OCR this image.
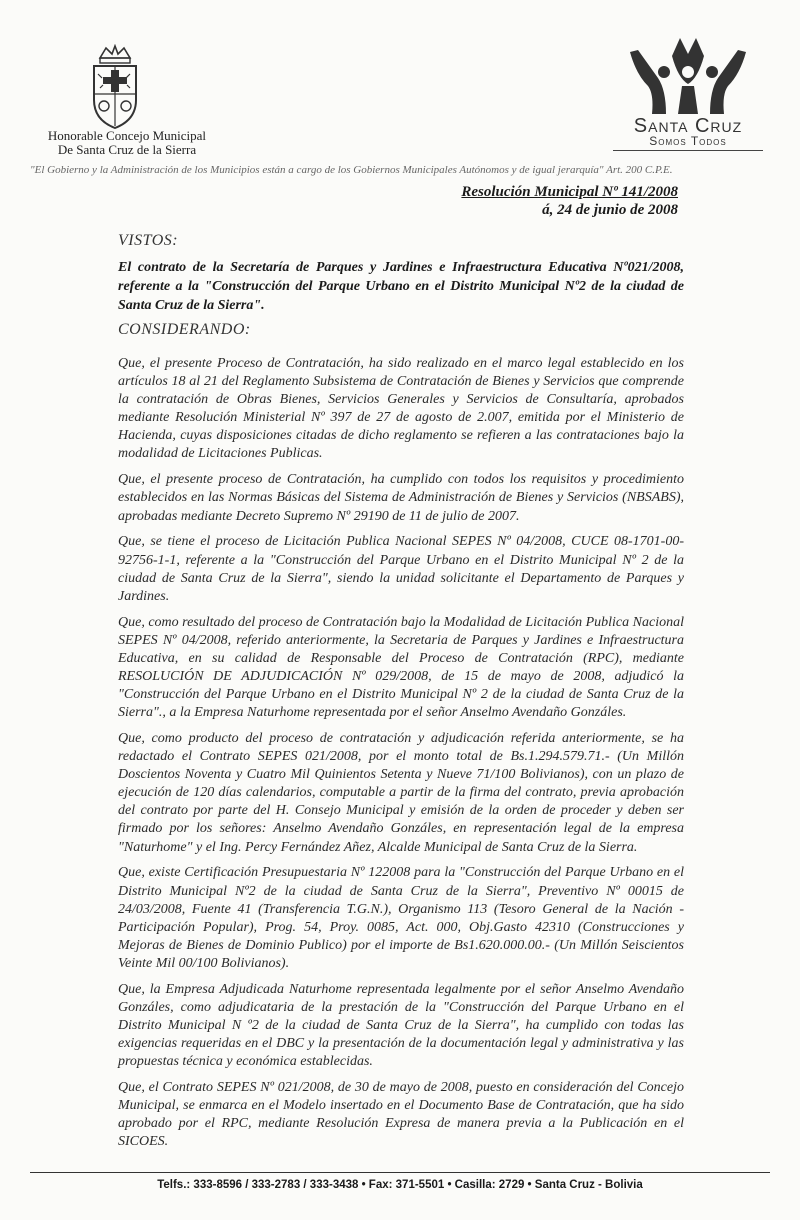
Honorable Concejo Municipal
De Santa Cruz de la Sierra
Santa Cruz
Somos Todos
"El Gobierno y la Administración de los Municipios están a cargo de los Gobiernos Municipales Autónomos y de igual jerarquía" Art. 200 C.P.E.
Resolución Municipal Nº 141/2008
á, 24 de junio de 2008
VISTOS:
El contrato de la Secretaría de Parques y Jardines e Infraestructura Educativa Nº021/2008, referente a la "Construcción del Parque Urbano en el Distrito Municipal Nº2 de la ciudad de Santa Cruz de la Sierra".
CONSIDERANDO:

Que, el presente Proceso de Contratación, ha sido realizado en el marco legal establecido en los artículos 18 al 21 del Reglamento Subsistema de Contratación de Bienes y Servicios que comprende la contratación de Obras Bienes, Servicios Generales y Servicios de Consultaría, aprobados mediante Resolución Ministerial Nº 397 de 27 de agosto de 2.007, emitida por el Ministerio de Hacienda, cuyas disposiciones citadas de dicho reglamento se refieren a las contrataciones bajo la modalidad de Licitaciones Publicas.

Que, el presente proceso de Contratación, ha cumplido con todos los requisitos y procedimiento establecidos en las Normas Básicas del Sistema de Administración de Bienes y Servicios (NBSABS), aprobadas mediante Decreto Supremo Nº 29190 de 11 de julio de 2007.

Que, se tiene el proceso de Licitación Publica Nacional SEPES Nº 04/2008, CUCE 08-1701-00-92756-1-1, referente a la "Construcción del Parque Urbano en el Distrito Municipal Nº 2 de la ciudad de Santa Cruz de la Sierra", siendo la unidad solicitante el Departamento de Parques y Jardines.

Que, como resultado del proceso de Contratación bajo la Modalidad de Licitación Publica Nacional SEPES Nº 04/2008, referido anteriormente, la Secretaria de Parques y Jardines e Infraestructura Educativa, en su calidad de Responsable del Proceso de Contratación (RPC), mediante RESOLUCIÓN DE ADJUDICACIÓN Nº 029/2008, de 15 de mayo de 2008, adjudicó la "Construcción del Parque Urbano en el Distrito Municipal Nº 2 de la ciudad de Santa Cruz de la Sierra"., a la Empresa Naturhome representada por el señor Anselmo Avendaño Gonzáles.

Que, como producto del proceso de contratación y adjudicación referida anteriormente, se ha redactado el Contrato SEPES 021/2008, por el monto total de Bs.1.294.579.71.- (Un Millón Doscientos Noventa y Cuatro Mil Quinientos Setenta y Nueve 71/100 Bolivianos), con un plazo de ejecución de 120 días calendarios, computable a partir de la firma del contrato, previa aprobación del contrato por parte del H. Consejo Municipal y emisión de la orden de proceder y deben ser firmado por los señores: Anselmo Avendaño Gonzáles, en representación legal de la empresa "Naturhome" y el Ing. Percy Fernández Añez, Alcalde Municipal de Santa Cruz de la Sierra.

Que, existe Certificación Presupuestaria Nº 122008 para la "Construcción del Parque Urbano en el Distrito Municipal Nº2 de la ciudad de Santa Cruz de la Sierra", Preventivo Nº 00015 de 24/03/2008, Fuente 41 (Transferencia T.G.N.), Organismo 113 (Tesoro General de la Nación - Participación Popular), Prog. 54, Proy. 0085, Act. 000, Obj.Gasto 42310 (Construcciones y Mejoras de Bienes de Dominio Publico) por el importe de Bs1.620.000.00.- (Un Millón Seiscientos Veinte Mil 00/100 Bolivianos).

Que, la Empresa Adjudicada Naturhome representada legalmente por el señor Anselmo Avendaño Gonzáles, como adjudicataria de la prestación de la "Construcción del Parque Urbano en el Distrito Municipal N º2 de la ciudad de Santa Cruz de la Sierra", ha cumplido con todas las exigencias requeridas en el DBC y la presentación de la documentación legal y administrativa y las propuestas técnica y económica establecidas.

Que, el Contrato SEPES Nº 021/2008, de 30 de mayo de 2008, puesto en consideración del Concejo Municipal, se enmarca en el Modelo insertado en el Documento Base de Contratación, que ha sido aprobado por el RPC, mediante Resolución Expresa de manera previa a la Publicación en el SICOES.

Telfs.: 333-8596 / 333-2783 / 333-3438 • Fax: 371-5501 • Casilla: 2729 • Santa Cruz - Bolivia
